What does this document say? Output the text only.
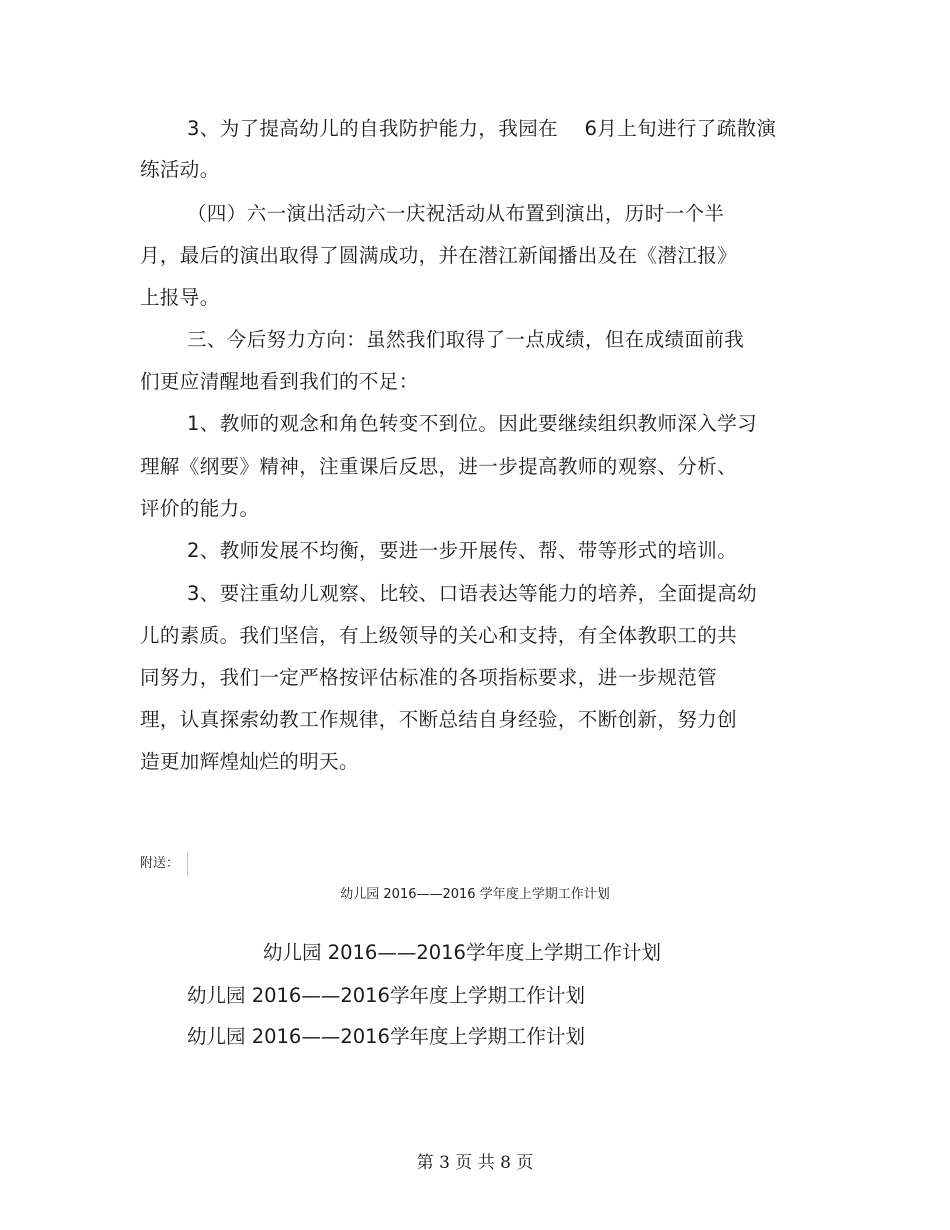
3、为了提高幼儿的自我防护能力，我园在　 6月上旬进行了疏散演
练活动。
（四）六一演出活动六一庆祝活动从布置到演出，历时一个半
月，最后的演出取得了圆满成功，并在潜江新闻播出及在《潜江报》
上报导。
三、今后努力方向：虽然我们取得了一点成绩，但在成绩面前我
们更应清醒地看到我们的不足：
1、教师的观念和角色转变不到位。因此要继续组织教师深入学习
理解《纲要》精神，注重课后反思，进一步提高教师的观察、分析、
评价的能力。
2、教师发展不均衡，要进一步开展传、帮、带等形式的培训。
3、要注重幼儿观察、比较、口语表达等能力的培养，全面提高幼
儿的素质。我们坚信，有上级领导的关心和支持，有全体教职工的共
同努力，我们一定严格按评估标准的各项指标要求，进一步规范管
理，认真探索幼教工作规律，不断总结自身经验，不断创新，努力创
造更加辉煌灿烂的明天。
附送：
幼儿园 2016——2016 学年度上学期工作计划
幼儿园 2016——2016学年度上学期工作计划
幼儿园 2016——2016学年度上学期工作计划
幼儿园 2016——2016学年度上学期工作计划
第 3 页 共 8 页
